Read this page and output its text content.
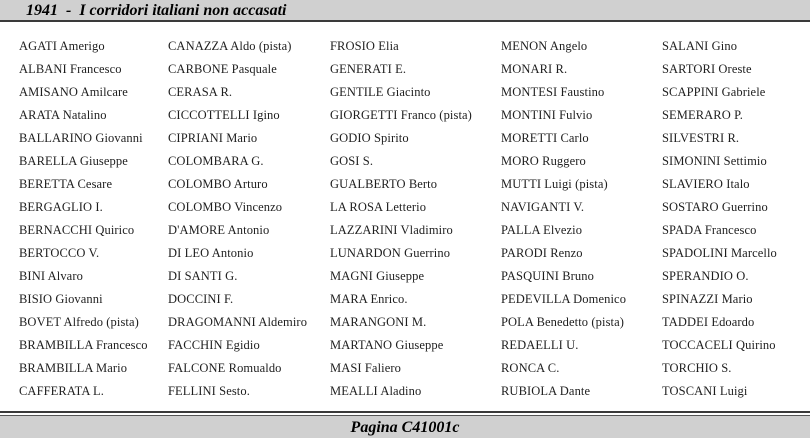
1941  -  I corridori italiani non accasati
AGATI Amerigo
ALBANI Francesco
AMISANO Amilcare
ARATA Natalino
BALLARINO Giovanni
BARELLA Giuseppe
BERETTA Cesare
BERGAGLIO I.
BERNACCHI Quirico
BERTOCCO V.
BINI Alvaro
BISIO Giovanni
BOVET Alfredo (pista)
BRAMBILLA Francesco
BRAMBILLA Mario
CAFFERATA L.
CANAZZA Aldo (pista)
CARBONE Pasquale
CERASA R.
CICCOTTELLI Igino
CIPRIANI Mario
COLOMBARA G.
COLOMBO Arturo
COLOMBO Vincenzo
D'AMORE Antonio
DI LEO Antonio
DI SANTI G.
DOCCINI F.
DRAGOMANNI Aldemiro
FACCHIN Egidio
FALCONE Romualdo
FELLINI Sesto.
FROSIO Elia
GENERATI E.
GENTILE Giacinto
GIORGETTI Franco (pista)
GODIO Spirito
GOSI S.
GUALBERTO Berto
LA ROSA Letterio
LAZZARINI Vladimiro
LUNARDON Guerrino
MAGNI Giuseppe
MARA Enrico.
MARANGONI M.
MARTANO Giuseppe
MASI Faliero
MEALLI Aladino
MENON Angelo
MONARI R.
MONTESI Faustino
MONTINI Fulvio
MORETTI Carlo
MORO Ruggero
MUTTI Luigi (pista)
NAVIGANTI V.
PALLA Elvezio
PARODI Renzo
PASQUINI Bruno
PEDEVILLA Domenico
POLA Benedetto (pista)
REDAELLI U.
RONCA C.
RUBIOLA Dante
SALANI Gino
SARTORI Oreste
SCAPPINI Gabriele
SEMERARO P.
SILVESTRI R.
SIMONINI Settimio
SLAVIERO Italo
SOSTARO Guerrino
SPADA Francesco
SPADOLINI Marcello
SPERANDIO O.
SPINAZZI Mario
TADDEI Edoardo
TOCCACELI Quirino
TORCHIO S.
TOSCANI Luigi
Pagina C41001c
